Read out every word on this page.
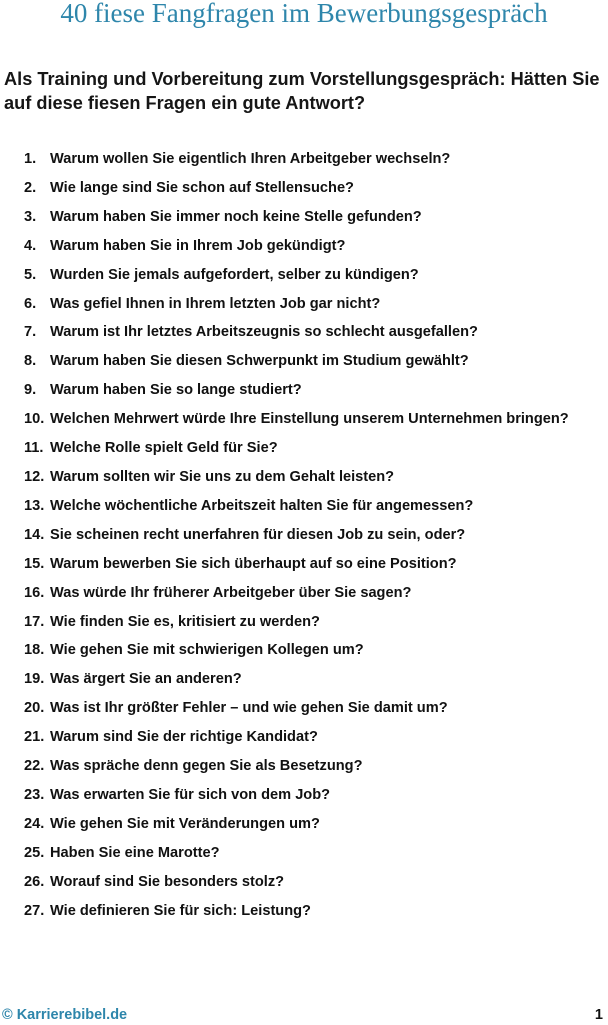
40 fiese Fangfragen im Bewerbungsgespräch
Als Training und Vorbereitung zum Vorstellungsgespräch: Hätten Sie auf diese fiesen Fragen ein gute Antwort?
1. Warum wollen Sie eigentlich Ihren Arbeitgeber wechseln?
2. Wie lange sind Sie schon auf Stellensuche?
3. Warum haben Sie immer noch keine Stelle gefunden?
4. Warum haben Sie in Ihrem Job gekündigt?
5. Wurden Sie jemals aufgefordert, selber zu kündigen?
6. Was gefiel Ihnen in Ihrem letzten Job gar nicht?
7. Warum ist Ihr letztes Arbeitszeugnis so schlecht ausgefallen?
8. Warum haben Sie diesen Schwerpunkt im Studium gewählt?
9. Warum haben Sie so lange studiert?
10. Welchen Mehrwert würde Ihre Einstellung unserem Unternehmen bringen?
11. Welche Rolle spielt Geld für Sie?
12. Warum sollten wir Sie uns zu dem Gehalt leisten?
13. Welche wöchentliche Arbeitszeit halten Sie für angemessen?
14. Sie scheinen recht unerfahren für diesen Job zu sein, oder?
15. Warum bewerben Sie sich überhaupt auf so eine Position?
16. Was würde Ihr früherer Arbeitgeber über Sie sagen?
17. Wie finden Sie es, kritisiert zu werden?
18. Wie gehen Sie mit schwierigen Kollegen um?
19. Was ärgert Sie an anderen?
20. Was ist Ihr größter Fehler – und wie gehen Sie damit um?
21. Warum sind Sie der richtige Kandidat?
22. Was spräche denn gegen Sie als Besetzung?
23. Was erwarten Sie für sich von dem Job?
24. Wie gehen Sie mit Veränderungen um?
25. Haben Sie eine Marotte?
26. Worauf sind Sie besonders stolz?
27. Wie definieren Sie für sich: Leistung?
© Karrierebibel.de	1
